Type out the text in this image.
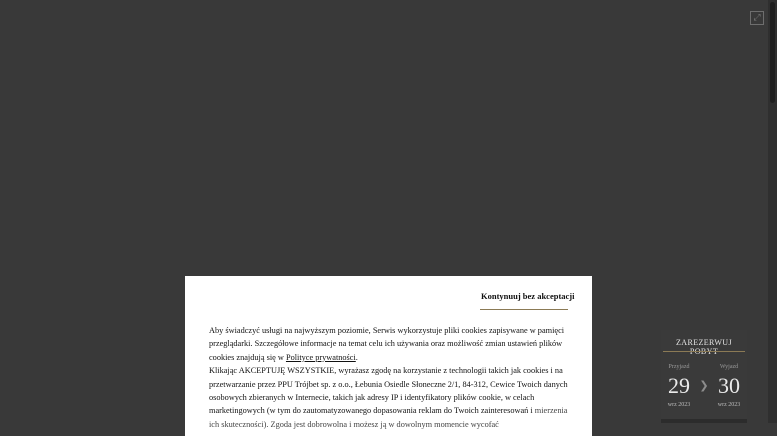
⤢
ZAREZERWUJ
Przyjazd
29
wrz 2023
❯
Wyjazd
30
wrz 2023
Kontynuuj bez akceptacji

Aby świadczyć usługi na najwyższym poziomie, Serwis wykorzystuje pliki cookies zapisywane w pamięci przeglądarki. Szczegółowe informacje na temat celu ich używania oraz możliwość zmian ustawień plików cookies znajdują się w Polityce prywatności.

Klikając AKCEPTUJĘ WSZYSTKIE, wyrażasz zgodę na korzystanie z technologii takich jak cookies i na przetwarzanie przez PPU Trójbet sp. z o.o., Łebunia Osiedle Słoneczne 2/1, 84-312, Cewice Twoich danych osobowych zbieranych w Internecie, takich jak adresy IP i identyfikatory plików cookie, w celach marketingowych (w tym do zautomatyzowanego dopasowania reklam do Twoich zainteresowań i mierzenia ich skuteczności). Zgoda jest dobrowolna i możesz ją w dowolnym momencie wycofać
